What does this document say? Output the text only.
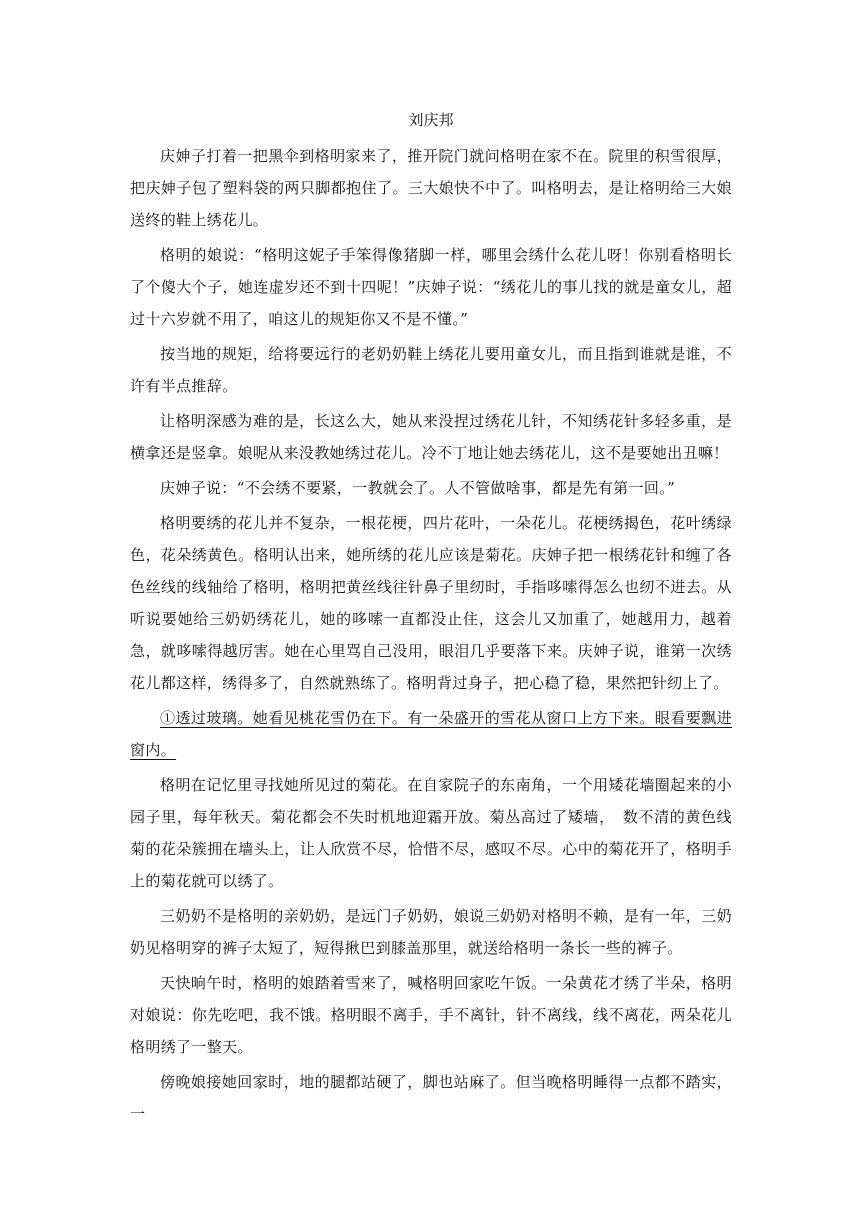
刘庆邦

庆妽子打着一把黑伞到格明家来了，推开院门就问格明在家不在。院里的积雪很厚，把庆妽子包了塑料袋的两只脚都抱住了。三大娘快不中了。叫格明去，是让格明给三大娘送终的鞋上绣花儿。

格明的娘说：“格明这妮子手笨得像猪脚一样，哪里会绣什么花儿呀！你别看格明长了个傻大个子，她连虚岁还不到十四呢！”庆妽子说：“绣花儿的事儿找的就是童女儿，超过十六岁就不用了，咱这儿的规矩你又不是不懂。”

按当地的规矩，给将要远行的老奶奶鞋上绣花儿要用童女儿，而且指到谁就是谁，不许有半点推辞。

让格明深感为难的是，长这么大，她从来没捏过绣花儿针，不知绣花针多轻多重，是横拿还是竖拿。娘呢从来没教她绣过花儿。冷不丁地让她去绣花儿，这不是要她出丑嘛！

庆妽子说：“不会绣不要紧，一教就会了。人不管做啥事，都是先有第一回。”

格明要绣的花儿并不复杂，一根花梗，四片花叶，一朵花儿。花梗绣揭色，花叶绣绿色，花朵绣黄色。格明认出来，她所绣的花儿应该是菊花。庆妽子把一根绣花针和缠了各色丝线的线轴给了格明，格明把黄丝线往针鼻子里纫时，手指哆嗦得怎么也纫不进去。从听说要她给三奶奶绣花儿，她的哆嗦一直都没止住，这会儿又加重了，她越用力，越着急，就哆嗦得越厉害。她在心里骂自己没用，眼泪几乎要落下来。庆妽子说，谁第一次绣花儿都这样，绣得多了，自然就熟练了。格明背过身子，把心稳了稳，果然把针纫上了。

①透过玻璃。她看见桃花雪仍在下。有一朵盛开的雪花从窗口上方下来。眼看要飘进窗内。

格明在记忆里寻找她所见过的菊花。在自家院子的东南角，一个用矮花墙圈起来的小园子里，每年秋天。菊花都会不失时机地迎霜开放。菊丛高过了矮墙，　数不清的黄色线菊的花朵簇拥在墙头上，让人欣赏不尽，恰惜不尽，感叹不尽。心中的菊花开了，格明手上的菊花就可以绣了。

三奶奶不是格明的亲奶奶，是远门子奶奶，娘说三奶奶对格明不赖，是有一年，三奶奶见格明穿的裤子太短了，短得揪巴到膝盖那里，就送给格明一条长一些的裤子。

天快晌午时，格明的娘踏着雪来了，喊格明回家吃午饭。一朵黄花才绣了半朵，格明对娘说：你先吃吧，我不饿。格明眼不离手，手不离针，针不离线，线不离花，两朵花儿格明绣了一整天。

傍晚娘接她回家时，地的腿都站硬了，脚也站麻了。但当晚格明睡得一点都不踏实，一
